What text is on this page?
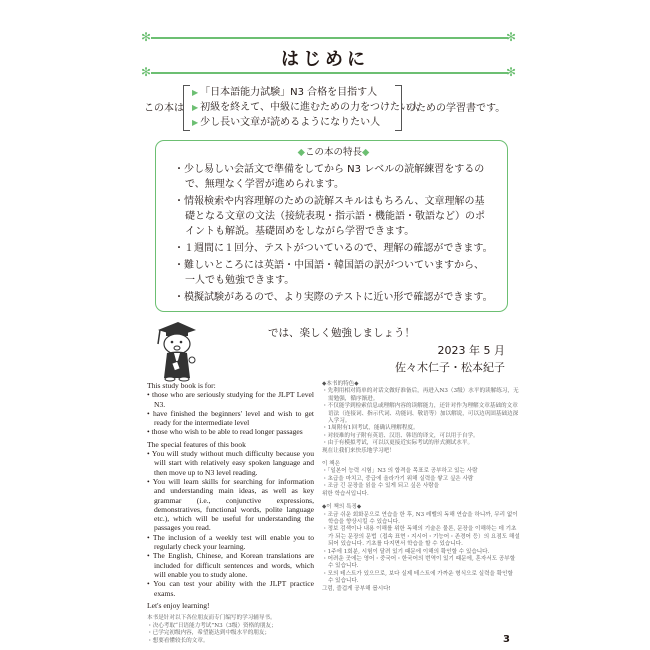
✻	✻
はじめに
✻	✻
この本は
▶ 「日本語能力試験」N3 合格を目指す人
▶ 初級を終えて、中級に進むための力をつけたい人
▶ 少し長い文章が読めるようになりたい人
のための学習書です。
◆この本の特長◆
・少し易しい会話文で準備をしてから N3 レベルの読解練習をするので、無理なく学習が進められます。
・情報検索や内容理解のための読解スキルはもちろん、文章理解の基礎となる文章の文法（接続表現・指示語・機能語・敬語など）のポイントも解説。基礎固めをしながら学習できます。
・１週間に１回分、テストがついているので、理解の確認ができます。
・難しいところには英語・中国語・韓国語の訳がついていますから、一人でも勉強できます。
・模擬試験があるので、より実際のテストに近い形で確認ができます。
では、楽しく勉強しましょう！
2023 年 5 月
佐々木仁子・松本紀子

This study book is for:

• those who are seriously studying for the JLPT Level N3.

• have finished the beginners' level and wish to get ready for the intermediate level

• those who wish to be able to read longer passages

The special features of this book

• You will study without much difficulty because you will start with relatively easy spoken language and then move up to N3 level reading.

• You will learn skills for searching for information and understanding main ideas, as well as key grammar (i.e., conjunctive expressions, demonstratives, functional words, polite language etc.), which will be useful for understanding the passages you read.

• The inclusion of a weekly test will enable you to regularly check your learning.

• The English, Chinese, and Korean translations are included for difficult sentences and words, which will enable you to study alone.

• You can test your ability with the JLPT practice exams.

Let's enjoy learning!

本书是针对以下各位朋友而专门编写的学习辅导书。

・决心考取“日语能力考试”N3（3级）资格的朋友；

・已学完初级内容，希望能达到中级水平的朋友；

・想要看懂较长的文章。

◆本书的特色◆

・先利用相对简单的对话文做好准备后，再进入N3（3级）水平的读解练习，无需勉强，循序渐进。

・不仅能学到检索信息或理解内容的读解能力，还针对作为理解文章基础的文章语法（连接词、指示代词、功能词、敬语等）加以解说，可以边巩固基础边深入学习。

・1周附有1回考试，能确认理解程度。

・对较难的句子附有英语、汉语、韩语的译文，可以用于自学。

・由于有模拟考试，可以以更接近实际考试的形式测试水平。

现在让我们来快乐地学习吧！

이 책은

・「일본어 능력 시험」N3 의 합격을 목표로 공부하고 있는 사람

・초급을 마치고, 중급에 올라가기 위해 실력을 쌓고 싶은 사람

・조금 긴 문장을 읽을 수 있게 되고 싶은 사람을

위한 학습서입니다.

◆이 책의 특징◆

・조금 쉬운 회화문으로 연습을 한 후, N3 레벨의 독해 연습을 하니까, 무리 없이 학습을 향상시킬 수 있습니다.

・정보 검색이나 내용 이해를 위한 독해의 기술은 물론, 문장을 이해하는 데 기초가 되는 문장의 문법（접속 표현・지시어・기능어・존경어 등）의 요점도 해설되어 있습니다. 기초를 다지면서 학습을 할 수 있습니다.

・1주에 1회분, 시험이 달려 있기 때문에 이해의 확인할 수 있습니다.

・어려운 곳에는 영어・중국어・한국어의 번역이 있기 때문에, 혼자서도 공부할 수 있습니다.

・모의 테스트가 있으므로, 보다 실제 테스트에 가까운 형식으로 실력을 확인할 수 있습니다.

그럼, 즐겁게 공부해 봅시다!

3
